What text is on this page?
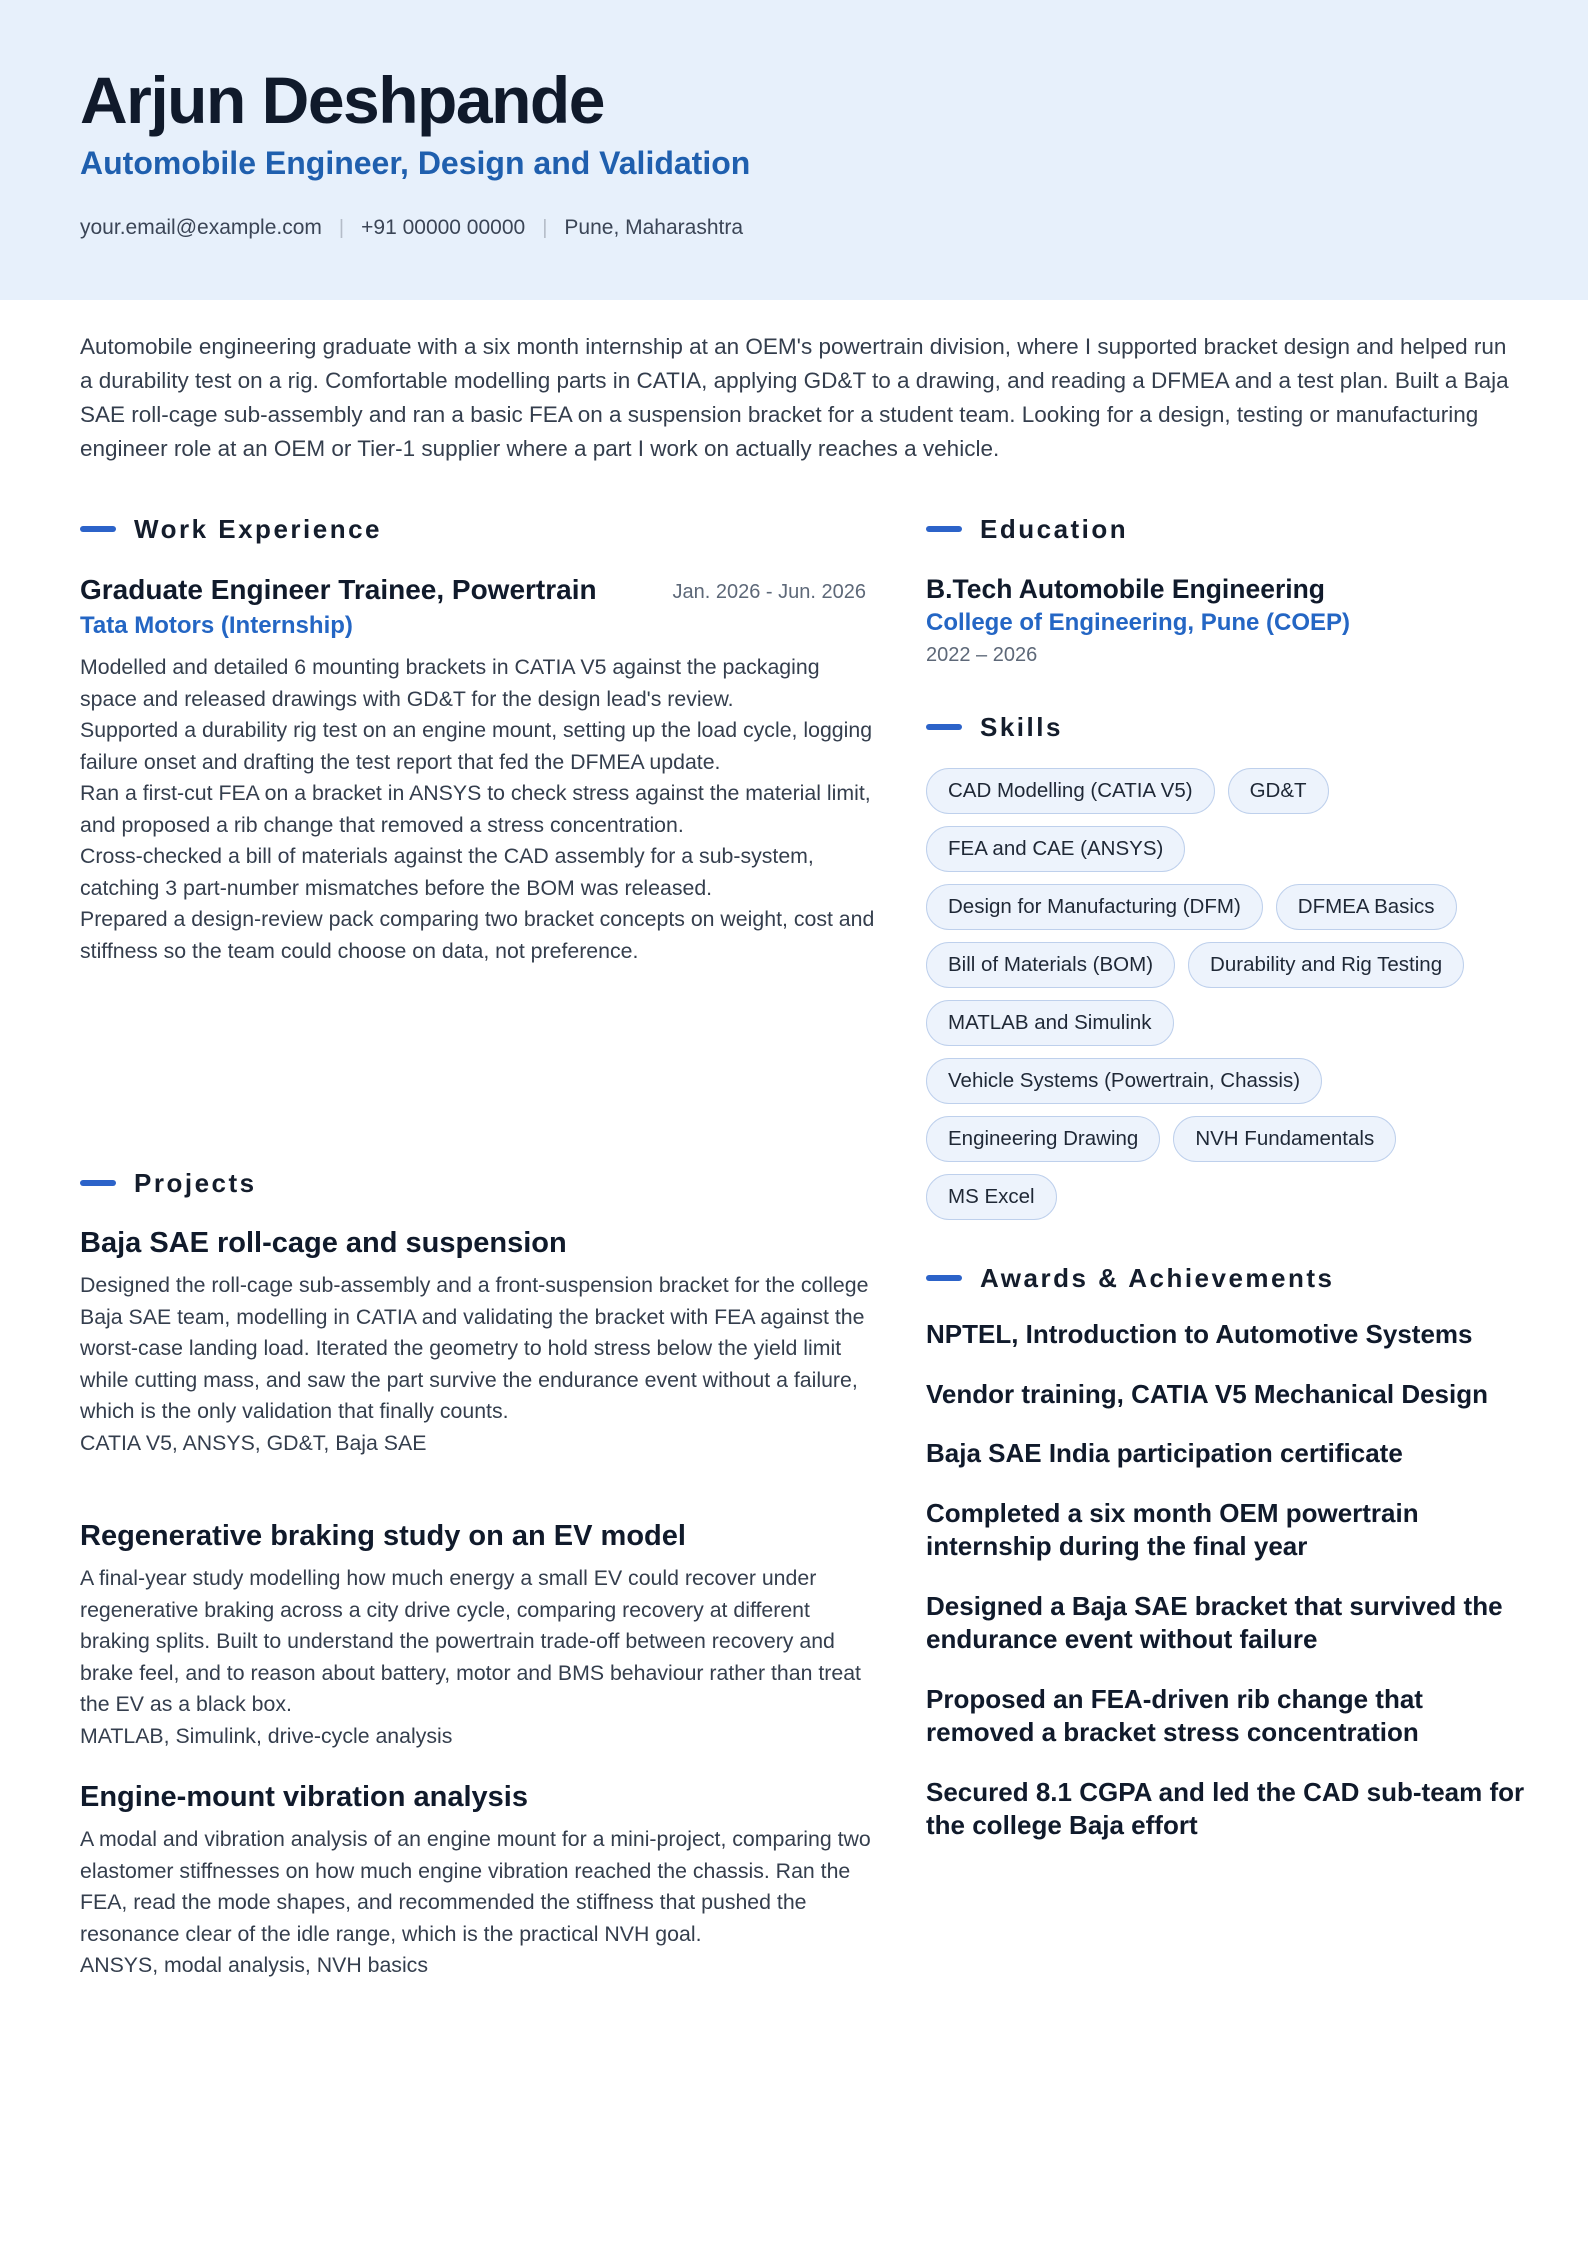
Arjun Deshpande
Automobile Engineer, Design and Validation
your.email@example.com | +91 00000 00000 | Pune, Maharashtra

Automobile engineering graduate with a six month internship at an OEM's powertrain division, where I supported bracket design and helped run a durability test on a rig. Comfortable modelling parts in CATIA, applying GD&T to a drawing, and reading a DFMEA and a test plan. Built a Baja SAE roll-cage sub-assembly and ran a basic FEA on a suspension bracket for a student team. Looking for a design, testing or manufacturing engineer role at an OEM or Tier-1 supplier where a part I work on actually reaches a vehicle.

Work Experience
Graduate Engineer Trainee, Powertrain	Jan. 2026 - Jun. 2026

Tata Motors (Internship)

Modelled and detailed 6 mounting brackets in CATIA V5 against the packaging space and released drawings with GD&T for the design lead's review.

Supported a durability rig test on an engine mount, setting up the load cycle, logging failure onset and drafting the test report that fed the DFMEA update.

Ran a first-cut FEA on a bracket in ANSYS to check stress against the material limit, and proposed a rib change that removed a stress concentration.

Cross-checked a bill of materials against the CAD assembly for a sub-system, catching 3 part-number mismatches before the BOM was released.

Prepared a design-review pack comparing two bracket concepts on weight, cost and stiffness so the team could choose on data, not preference.

Projects
Baja SAE roll-cage and suspension

Designed the roll-cage sub-assembly and a front-suspension bracket for the college Baja SAE team, modelling in CATIA and validating the bracket with FEA against the worst-case landing load. Iterated the geometry to hold stress below the yield limit while cutting mass, and saw the part survive the endurance event without a failure, which is the only validation that finally counts.

CATIA V5, ANSYS, GD&T, Baja SAE

Regenerative braking study on an EV model

A final-year study modelling how much energy a small EV could recover under regenerative braking across a city drive cycle, comparing recovery at different braking splits. Built to understand the powertrain trade-off between recovery and brake feel, and to reason about battery, motor and BMS behaviour rather than treat the EV as a black box.

MATLAB, Simulink, drive-cycle analysis

Engine-mount vibration analysis

A modal and vibration analysis of an engine mount for a mini-project, comparing two elastomer stiffnesses on how much engine vibration reached the chassis. Ran the FEA, read the mode shapes, and recommended the stiffness that pushed the resonance clear of the idle range, which is the practical NVH goal.

ANSYS, modal analysis, NVH basics

Education

B.Tech Automobile Engineering

College of Engineering, Pune (COEP)

2022 – 2026

Skills
CAD Modelling (CATIA V5)	GD&T
FEA and CAE (ANSYS)
Design for Manufacturing (DFM)	DFMEA Basics
Bill of Materials (BOM)	Durability and Rig Testing
MATLAB and Simulink
Vehicle Systems (Powertrain, Chassis)
Engineering Drawing	NVH Fundamentals
MS Excel
Awards & Achievements

NPTEL, Introduction to Automotive Systems

Vendor training, CATIA V5 Mechanical Design

Baja SAE India participation certificate

Completed a six month OEM powertrain internship during the final year

Designed a Baja SAE bracket that survived the endurance event without failure

Proposed an FEA-driven rib change that removed a bracket stress concentration

Secured 8.1 CGPA and led the CAD sub-team for the college Baja effort
